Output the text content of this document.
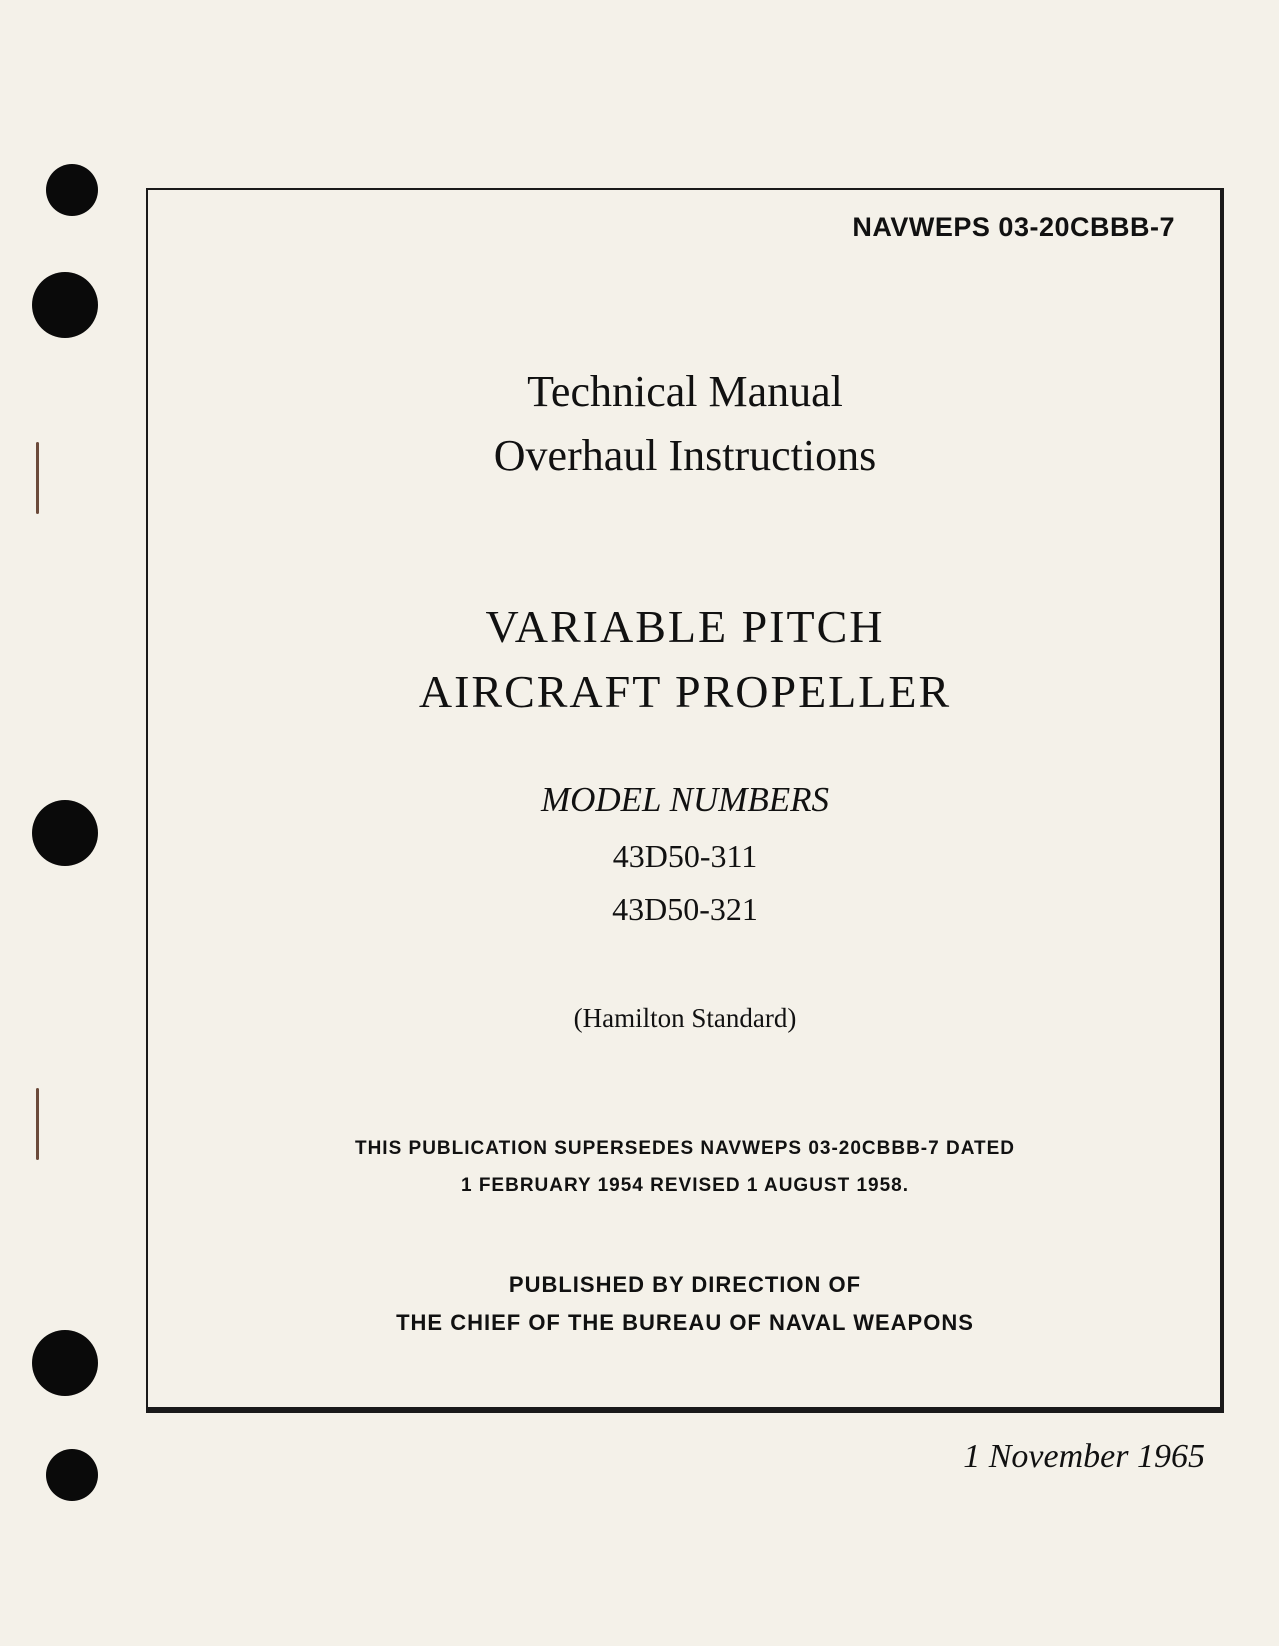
NAVWEPS 03-20CBBB-7
Technical Manual
Overhaul Instructions
VARIABLE PITCH
AIRCRAFT PROPELLER
MODEL NUMBERS
43D50-311
43D50-321
(Hamilton Standard)
THIS PUBLICATION SUPERSEDES NAVWEPS 03-20CBBB-7 DATED
1 FEBRUARY 1954 REVISED 1 AUGUST 1958.
PUBLISHED BY DIRECTION OF
THE CHIEF OF THE BUREAU OF NAVAL WEAPONS
1 November 1965
